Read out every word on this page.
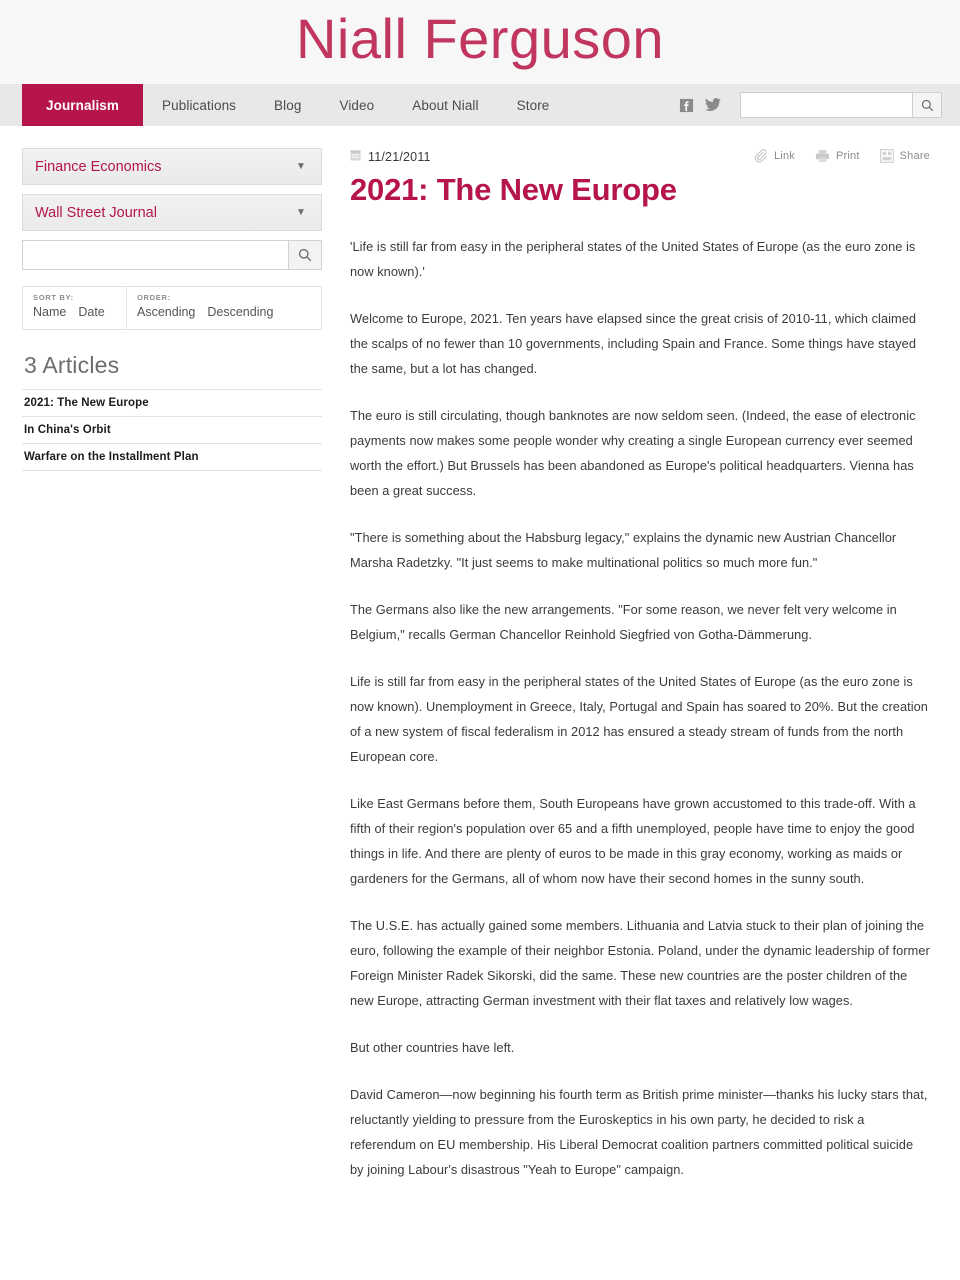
Niall Ferguson
Journalism	Publications	Blog	Video	About Niall	Store
Finance Economics	▼
Wall Street Journal	▼
SORT BY:
Name Date
ORDER:
Ascending Descending
3 Articles
2021: The New Europe
In China's Orbit
Warfare on the Installment Plan
11/21/2011	Link	Print	Share
2021: The New Europe

'Life is still far from easy in the peripheral states of the United States of Europe (as the euro zone is now known).'

Welcome to Europe, 2021. Ten years have elapsed since the great crisis of 2010-11, which claimed the scalps of no fewer than 10 governments, including Spain and France. Some things have stayed the same, but a lot has changed.

The euro is still circulating, though banknotes are now seldom seen. (Indeed, the ease of electronic payments now makes some people wonder why creating a single European currency ever seemed worth the effort.) But Brussels has been abandoned as Europe's political headquarters. Vienna has been a great success.

"There is something about the Habsburg legacy," explains the dynamic new Austrian Chancellor Marsha Radetzky. "It just seems to make multinational politics so much more fun."

The Germans also like the new arrangements. "For some reason, we never felt very welcome in Belgium," recalls German Chancellor Reinhold Siegfried von Gotha-Dämmerung.

Life is still far from easy in the peripheral states of the United States of Europe (as the euro zone is now known). Unemployment in Greece, Italy, Portugal and Spain has soared to 20%. But the creation of a new system of fiscal federalism in 2012 has ensured a steady stream of funds from the north European core.

Like East Germans before them, South Europeans have grown accustomed to this trade-off. With a fifth of their region's population over 65 and a fifth unemployed, people have time to enjoy the good things in life. And there are plenty of euros to be made in this gray economy, working as maids or gardeners for the Germans, all of whom now have their second homes in the sunny south.

The U.S.E. has actually gained some members. Lithuania and Latvia stuck to their plan of joining the euro, following the example of their neighbor Estonia. Poland, under the dynamic leadership of former Foreign Minister Radek Sikorski, did the same. These new countries are the poster children of the new Europe, attracting German investment with their flat taxes and relatively low wages.

But other countries have left.

David Cameron—now beginning his fourth term as British prime minister—thanks his lucky stars that, reluctantly yielding to pressure from the Euroskeptics in his own party, he decided to risk a referendum on EU membership. His Liberal Democrat coalition partners committed political suicide by joining Labour's disastrous "Yeah to Europe" campaign.
